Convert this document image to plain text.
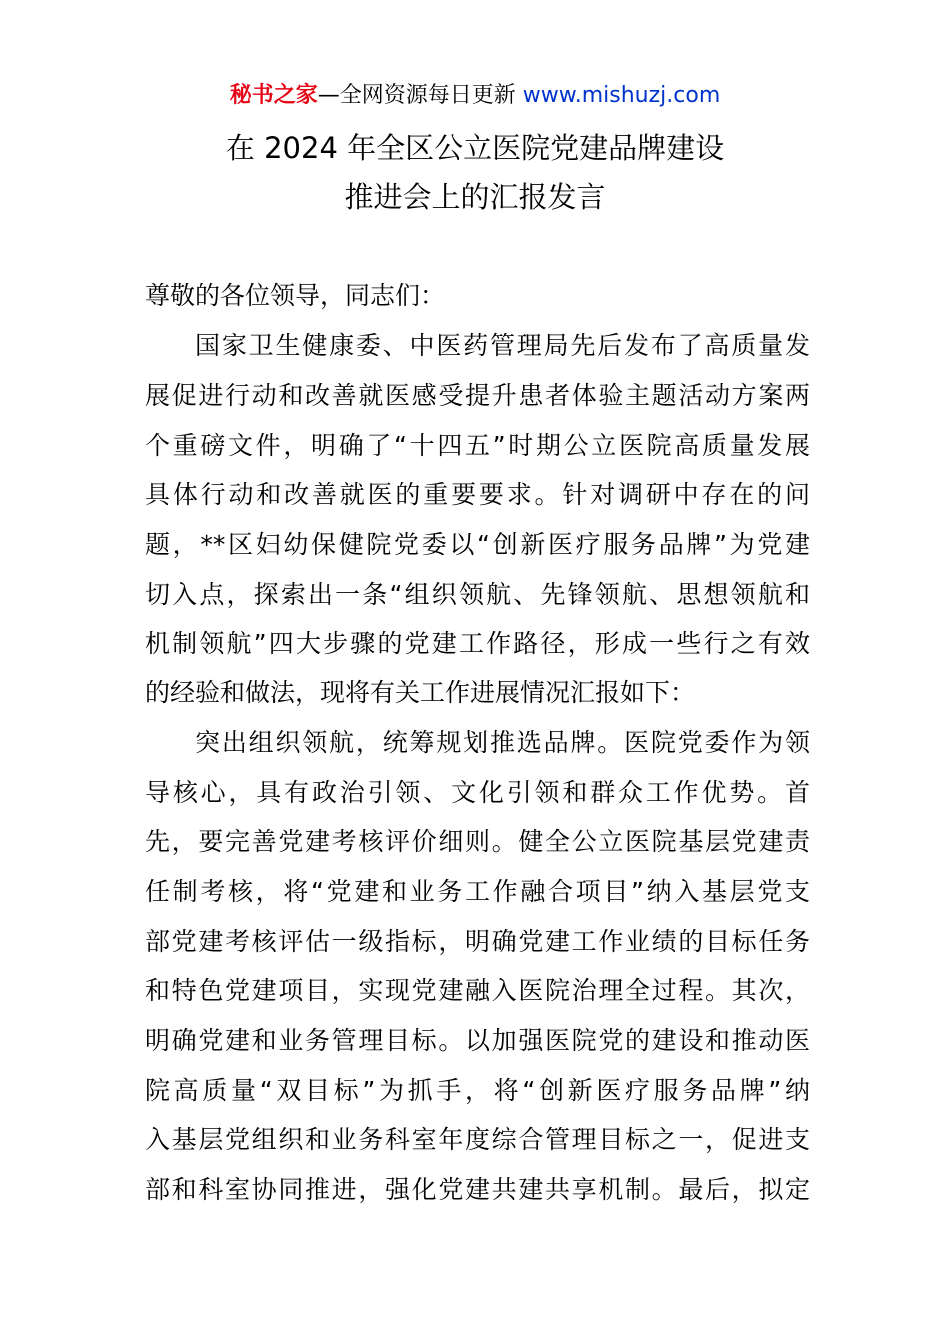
秘书之家—全网资源每日更新 www.mishuzj.com
在 2024 年全区公立医院党建品牌建设
推进会上的汇报发言
尊敬的各位领导，同志们：
国家卫生健康委、中医药管理局先后发布了高质量发
展促进行动和改善就医感受提升患者体验主题活动方案两
个重磅文件，明确了“十四五”时期公立医院高质量发展
具体行动和改善就医的重要要求。针对调研中存在的问
题，**区妇幼保健院党委以“创新医疗服务品牌”为党建
切入点，探索出一条“组织领航、先锋领航、思想领航和
机制领航”四大步骤的党建工作路径，形成一些行之有效
的经验和做法，现将有关工作进展情况汇报如下：
突出组织领航，统筹规划推选品牌。医院党委作为领
导核心，具有政治引领、文化引领和群众工作优势。首
先，要完善党建考核评价细则。健全公立医院基层党建责
任制考核，将“党建和业务工作融合项目”纳入基层党支
部党建考核评估一级指标，明确党建工作业绩的目标任务
和特色党建项目，实现党建融入医院治理全过程。其次，
明确党建和业务管理目标。以加强医院党的建设和推动医
院高质量“双目标”为抓手，将“创新医疗服务品牌”纳
入基层党组织和业务科室年度综合管理目标之一，促进支
部和科室协同推进，强化党建共建共享机制。最后，拟定
